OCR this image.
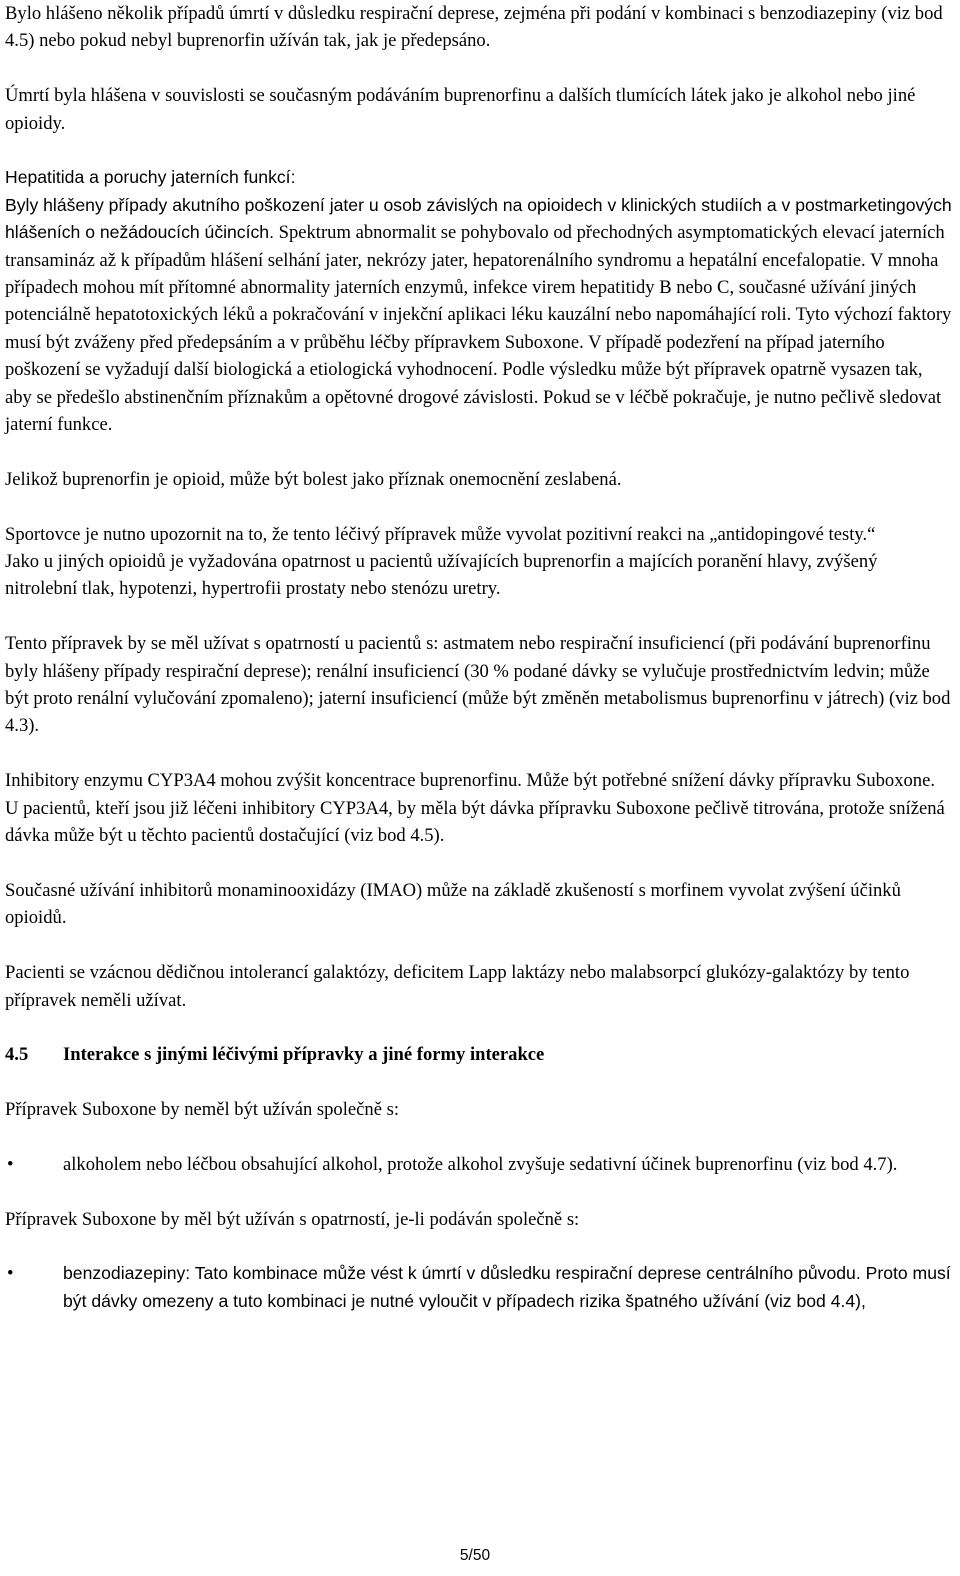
Bylo hlášeno několik případů úmrtí v důsledku respirační deprese, zejména při podání v kombinaci s benzodiazepiny (viz bod 4.5) nebo pokud nebyl buprenorfin užíván tak, jak je předepsáno.

Úmrtí byla hlášena v souvislosti se současným podáváním buprenorfinu a dalších tlumících látek jako je alkohol nebo jiné opioidy.

Hepatitida a poruchy jaterních funkcí:

Byly hlášeny případy akutního poškození jater u osob závislých na opioidech v klinických studiích a v postmarketingových hlášeních o nežádoucích účincích. Spektrum abnormalit se pohybovalo od přechodných asymptomatických elevací jaterních transamináz až k případům hlášení selhání jater, nekrózy jater, hepatorenálního syndromu a hepatální encefalopatie. V mnoha případech mohou mít přítomné abnormality jaterních enzymů, infekce virem hepatitidy B nebo C, současné užívání jiných potenciálně hepatotoxických léků a pokračování v injekční aplikaci léku kauzální nebo napomáhající roli. Tyto výchozí faktory musí být zváženy před předepsáním a v průběhu léčby přípravkem Suboxone. V případě podezření na případ jaterního poškození se vyžadují další biologická a etiologická vyhodnocení. Podle výsledku může být přípravek opatrně vysazen tak, aby se předešlo abstinenčním příznakům a opětovné drogové závislosti. Pokud se v léčbě pokračuje, je nutno pečlivě sledovat jaterní funkce.

Jelikož buprenorfin je opioid, může být bolest jako příznak onemocnění zeslabená.

Sportovce je nutno upozornit na to, že tento léčivý přípravek může vyvolat pozitivní reakci na „antidopingové testy.“

Jako u jiných opioidů je vyžadována opatrnost u pacientů užívajících buprenorfin a majících poranění hlavy, zvýšený nitrolební tlak, hypotenzi, hypertrofii prostaty nebo stenózu uretry.

Tento přípravek by se měl užívat s opatrností u pacientů s: astmatem nebo respirační insuficiencí (při podávání buprenorfinu byly hlášeny případy respirační deprese); renální insuficiencí (30 % podané dávky se vylučuje prostřednictvím ledvin; může být proto renální vylučování zpomaleno); jaterní insuficiencí (může být změněn metabolismus buprenorfinu v játrech) (viz bod 4.3).

Inhibitory enzymu CYP3A4 mohou zvýšit koncentrace buprenorfinu. Může být potřebné snížení dávky přípravku Suboxone. U pacientů, kteří jsou již léčeni inhibitory CYP3A4, by měla být dávka přípravku Suboxone pečlivě titrována, protože snížená dávka může být u těchto pacientů dostačující (viz bod 4.5).

Současné užívání inhibitorů monaminooxidázy (IMAO) může na základě zkušeností s morfinem vyvolat zvýšení účinků opioidů.

Pacienti se vzácnou dědičnou intolerancí galaktózy, deficitem Lapp laktázy nebo malabsorpcí glukózy-galaktózy by tento přípravek neměli užívat.

4.5	Interakce s jinými léčivými přípravky a jiné formy interakce

Přípravek Suboxone by neměl být užíván společně s:

•	alkoholem nebo léčbou obsahující alkohol, protože alkohol zvyšuje sedativní účinek buprenorfinu (viz bod 4.7).

Přípravek Suboxone by měl být užíván s opatrností, je-li podáván společně s:

•	benzodiazepiny: Tato kombinace může vést k úmrtí v důsledku respirační deprese centrálního původu. Proto musí být dávky omezeny a tuto kombinaci je nutné vyloučit v případech rizika špatného užívání (viz bod 4.4),
5/50
